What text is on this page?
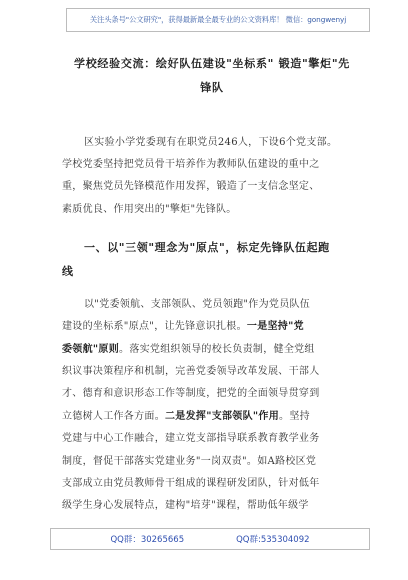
关注头条号"公文研究"，获得最新最全最专业的公文资料库！ 微信：gongwenyj
学校经验交流：绘好队伍建设"坐标系" 锻造"擎炬"先
锋队
区实验小学党委现有在职党员246人，下设6个党支部。
学校党委坚持把党员骨干培养作为教师队伍建设的重中之
重，聚焦党员先锋模范作用发挥，锻造了一支信念坚定、
素质优良、作用突出的"擎炬"先锋队。
一、以"三领"理念为"原点"，标定先锋队伍起跑
线
以"党委领航、支部领队、党员领跑"作为党员队伍
建设的坐标系"原点"，让先锋意识扎根。一是坚持"党
委领航"原则。落实党组织领导的校长负责制，健全党组
织议事决策程序和机制，完善党委领导改革发展、干部人
才、德育和意识形态工作等制度，把党的全面领导贯穿到
立德树人工作各方面。二是发挥"支部领队"作用。坚持
党建与中心工作融合，建立党支部指导联系教育教学业务
制度，督促干部落实党建业务"一岗双责"。如A路校区党
支部成立由党员教师骨干组成的课程研发团队，针对低年
级学生身心发展特点，建构"培芽"课程，帮助低年级学
QQ群：30265665	QQ群:535304092
